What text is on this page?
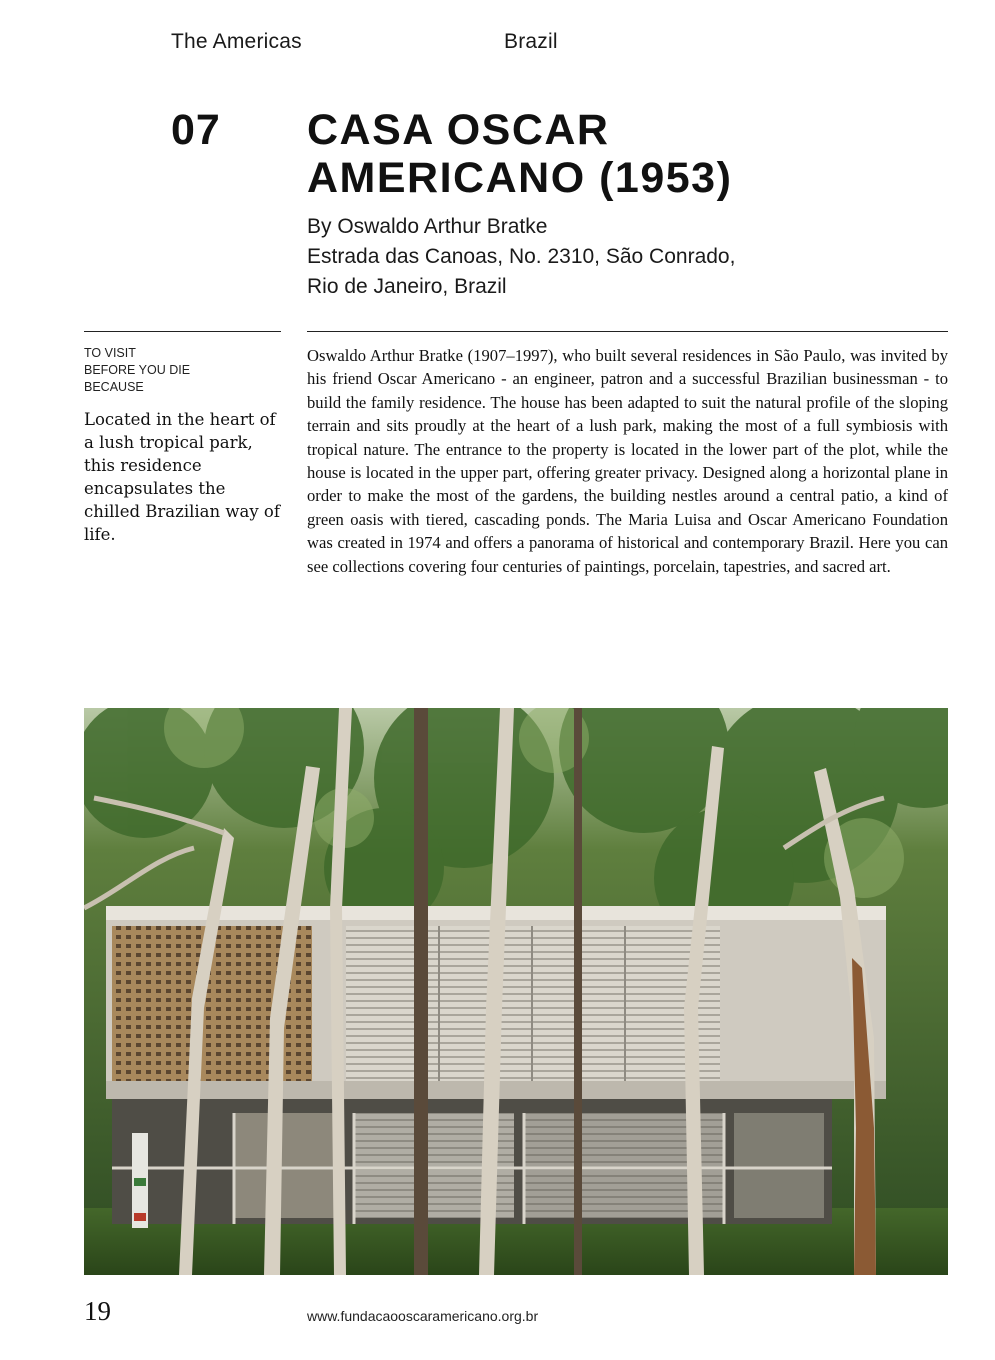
The Americas	Brazil
07 CASA OSCAR
AMERICANO (1953)
By Oswaldo Arthur Bratke
Estrada das Canoas, No. 2310, São Conrado,
Rio de Janeiro, Brazil
TO VISIT
BEFORE YOU DIE
BECAUSE
Located in the heart of a lush tropical park, this residence encapsulates the chilled Brazilian way of life.
Oswaldo Arthur Bratke (1907–1997), who built several residences in São Paulo, was invited by his friend Oscar Americano - an engineer, patron and a successful Brazilian businessman - to build the family residence. The house has been adapted to suit the natural profile of the sloping terrain and sits proudly at the heart of a lush park, making the most of a full symbiosis with tropical nature. The entrance to the property is located in the lower part of the plot, while the house is located in the upper part, offering greater privacy. Designed along a horizontal plane in order to make the most of the gardens, the building nestles around a central patio, a kind of green oasis with tiered, cascading ponds. The Maria Luisa and Oscar Americano Foundation was created in 1974 and offers a panorama of historical and contemporary Brazil. Here you can see collections covering four centuries of paintings, porcelain, tapestries, and sacred art.
19	www.fundacaooscaramericano.org.br
